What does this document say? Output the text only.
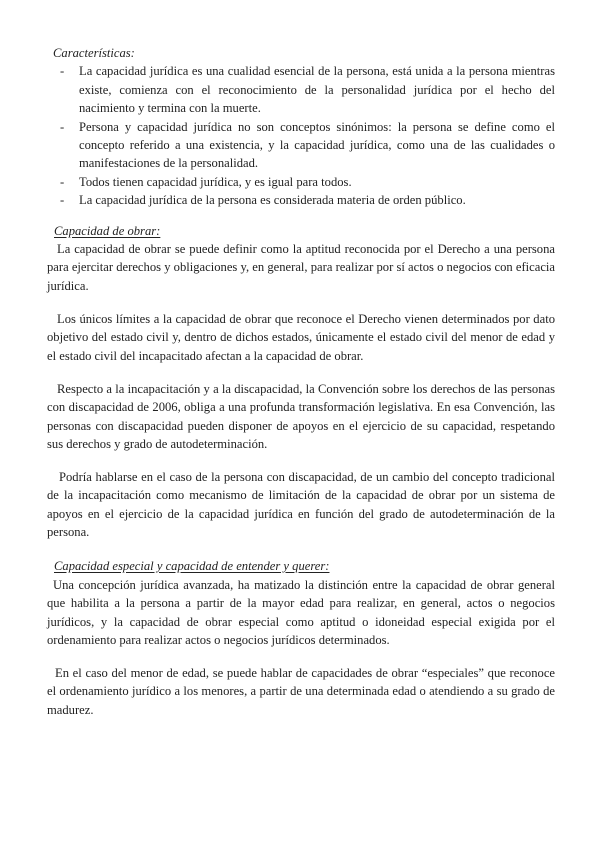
Características:

- La capacidad jurídica es una cualidad esencial de la persona, está unida a la persona mientras existe, comienza con el reconocimiento de la personalidad jurídica por el hecho del nacimiento y termina con la muerte.
- Persona y capacidad jurídica no son conceptos sinónimos: la persona se define como el concepto referido a una existencia, y la capacidad jurídica, como una de las cualidades o manifestaciones de la personalidad.
- Todos tienen capacidad jurídica, y es igual para todos.
- La capacidad jurídica de la persona es considerada materia de orden público.

Capacidad de obrar:

La capacidad de obrar se puede definir como la aptitud reconocida por el Derecho a una persona para ejercitar derechos y obligaciones y, en general, para realizar por sí actos o negocios con eficacia jurídica.

Los únicos límites a la capacidad de obrar que reconoce el Derecho vienen determinados por dato objetivo del estado civil y, dentro de dichos estados, únicamente el estado civil del menor de edad y el estado civil del incapacitado afectan a la capacidad de obrar.

Respecto a la incapacitación y a la discapacidad, la Convención sobre los derechos de las personas con discapacidad de 2006, obliga a una profunda transformación legislativa. En esa Convención, las personas con discapacidad pueden disponer de apoyos en el ejercicio de su capacidad, respetando sus derechos y grado de autodeterminación.

Podría hablarse en el caso de la persona con discapacidad, de un cambio del concepto tradicional de la incapacitación como mecanismo de limitación de la capacidad de obrar por un sistema de apoyos en el ejercicio de la capacidad jurídica en función del grado de autodeterminación de la persona.

Capacidad especial y capacidad de entender y querer:

Una concepción jurídica avanzada, ha matizado la distinción entre la capacidad de obrar general que habilita a la persona a partir de la mayor edad para realizar, en general, actos o negocios jurídicos, y la capacidad de obrar especial como aptitud o idoneidad especial exigida por el ordenamiento para realizar actos o negocios jurídicos determinados.

En el caso del menor de edad, se puede hablar de capacidades de obrar “especiales” que reconoce el ordenamiento jurídico a los menores, a partir de una determinada edad o atendiendo a su grado de madurez.
